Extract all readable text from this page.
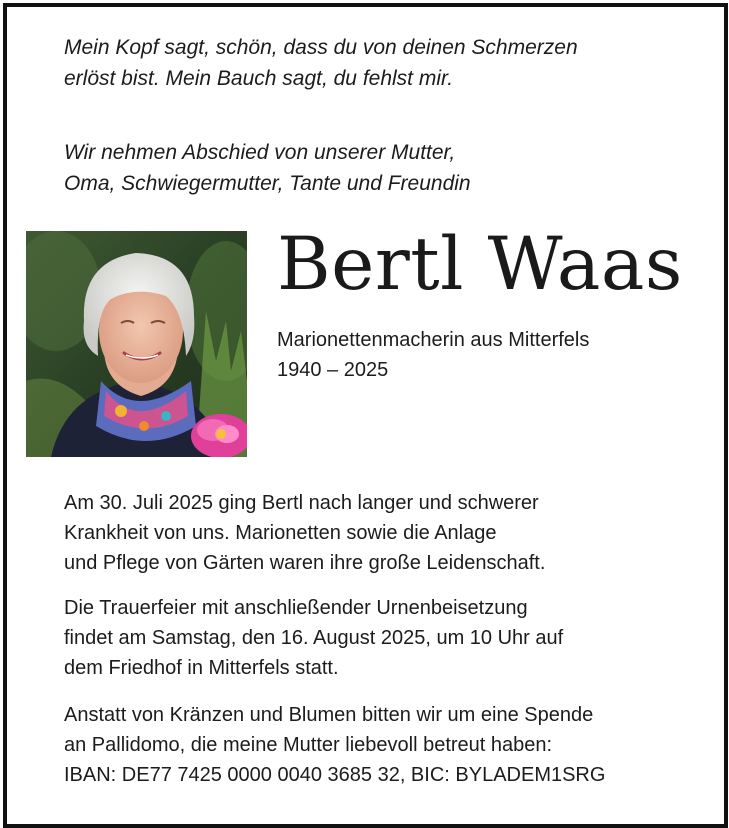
Mein Kopf sagt, schön, dass du von deinen Schmerzen
erlöst bist. Mein Bauch sagt, du fehlst mir.

Wir nehmen Abschied von unserer Mutter,
Oma, Schwiegermutter, Tante und Freundin

Bertl Waas
Marionettenmacherin aus Mitterfels
1940 – 2025

Am 30. Juli 2025 ging Bertl nach langer und schwerer
Krankheit von uns. Marionetten sowie die Anlage
und Pflege von Gärten waren ihre große Leidenschaft.

Die Trauerfeier mit anschließender Urnenbeisetzung
findet am Samstag, den 16. August 2025, um 10 Uhr auf
dem Friedhof in Mitterfels statt.

Anstatt von Kränzen und Blumen bitten wir um eine Spende
an Pallidomo, die meine Mutter liebevoll betreut haben:
IBAN: DE77 7425 0000 0040 3685 32, BIC: BYLADEM1SRG
